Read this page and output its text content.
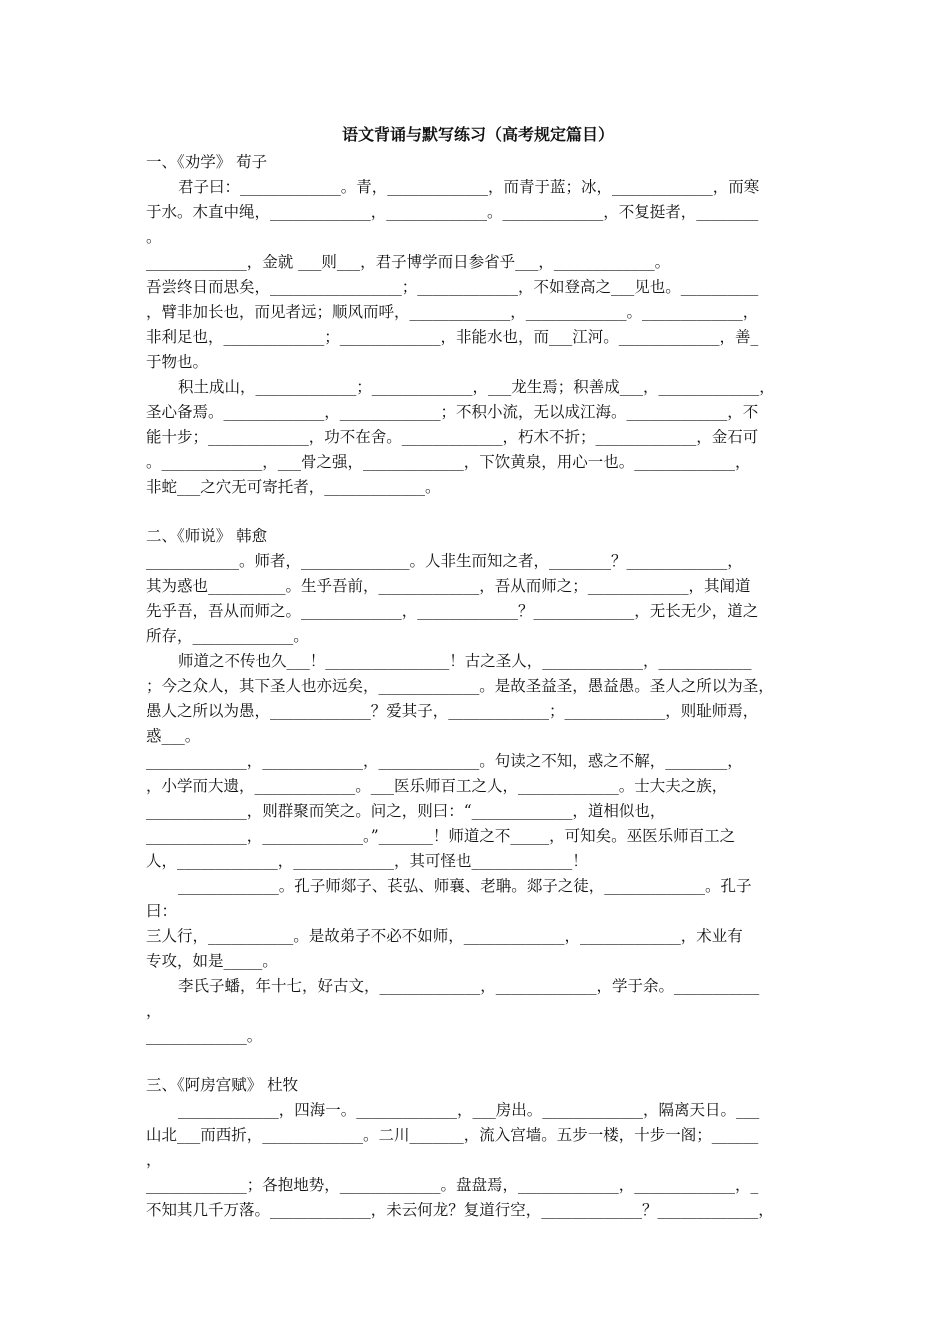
语文背诵与默写练习（高考规定篇目）
一、《劝学》 荀子
君子曰：_____________。青，_____________，而青于蓝；冰，_____________，而寒
于水。木直中绳，_____________，_____________。_____________，不复挺者，________
。
_____________，金就 ___则___，君子博学而日参省乎___，_____________。
吾尝终日而思矣，_________________；_____________，不如登高之___见也。__________
，臂非加长也，而见者远；顺风而呼，_____________，_____________。_____________，
非利足也，_____________；_____________，非能水也，而___江河。_____________，善_
于物也。
积土成山，_____________；_____________，___龙生焉；积善成___，_____________，
圣心备焉。_____________，_____________；不积小流，无以成江海。_____________，不
能十步；_____________，功不在舍。_____________，朽木不折；_____________，金石可
。_____________，___骨之强，_____________，下饮黄泉，用心一也。_____________，
非蛇___之穴无可寄托者，_____________。
二、《师说》 韩愈
____________。师者，______________。人非生而知之者，________？_____________，
其为惑也__________。生乎吾前，_____________，吾从而师之；_____________，其闻道
先乎吾，吾从而师之。_____________，_____________？_____________，无长无少，道之
所存，_____________。
师道之不传也久___！________________！古之圣人，_____________，____________
；今之众人，其下圣人也亦远矣，_____________。是故圣益圣，愚益愚。圣人之所以为圣，
愚人之所以为愚，_____________？爱其子，_____________；_____________，则耻师焉，
惑___。
_____________，_____________，_____________。句读之不知，惑之不解，________，
，小学而大遗，_____________。___医乐师百工之人，_____________。士大夫之族，
_____________，则群聚而笑之。问之，则曰：“_____________，道相似也，
_____________，_____________。”_______！师道之不_____，可知矣。巫医乐师百工之
人，_____________，_____________，其可怪也_____________！
_____________。孔子师郯子、苌弘、师襄、老聃。郯子之徒，_____________。孔子
曰：
三人行，___________。是故弟子不必不如师，_____________，_____________，术业有
专攻，如是_____。
李氏子蟠，年十七，好古文，_____________，_____________，学于余。___________
，
_____________。
三、《阿房宫赋》 杜牧
_____________，四海一。_____________，___房出。_____________，隔离天日。___
山北___而西折，_____________。二川_______，流入宫墙。五步一楼，十步一阁；______
，
_____________；各抱地势，_____________。盘盘焉，_____________，_____________，_
不知其几千万落。_____________，未云何龙？复道行空，_____________？_____________，
